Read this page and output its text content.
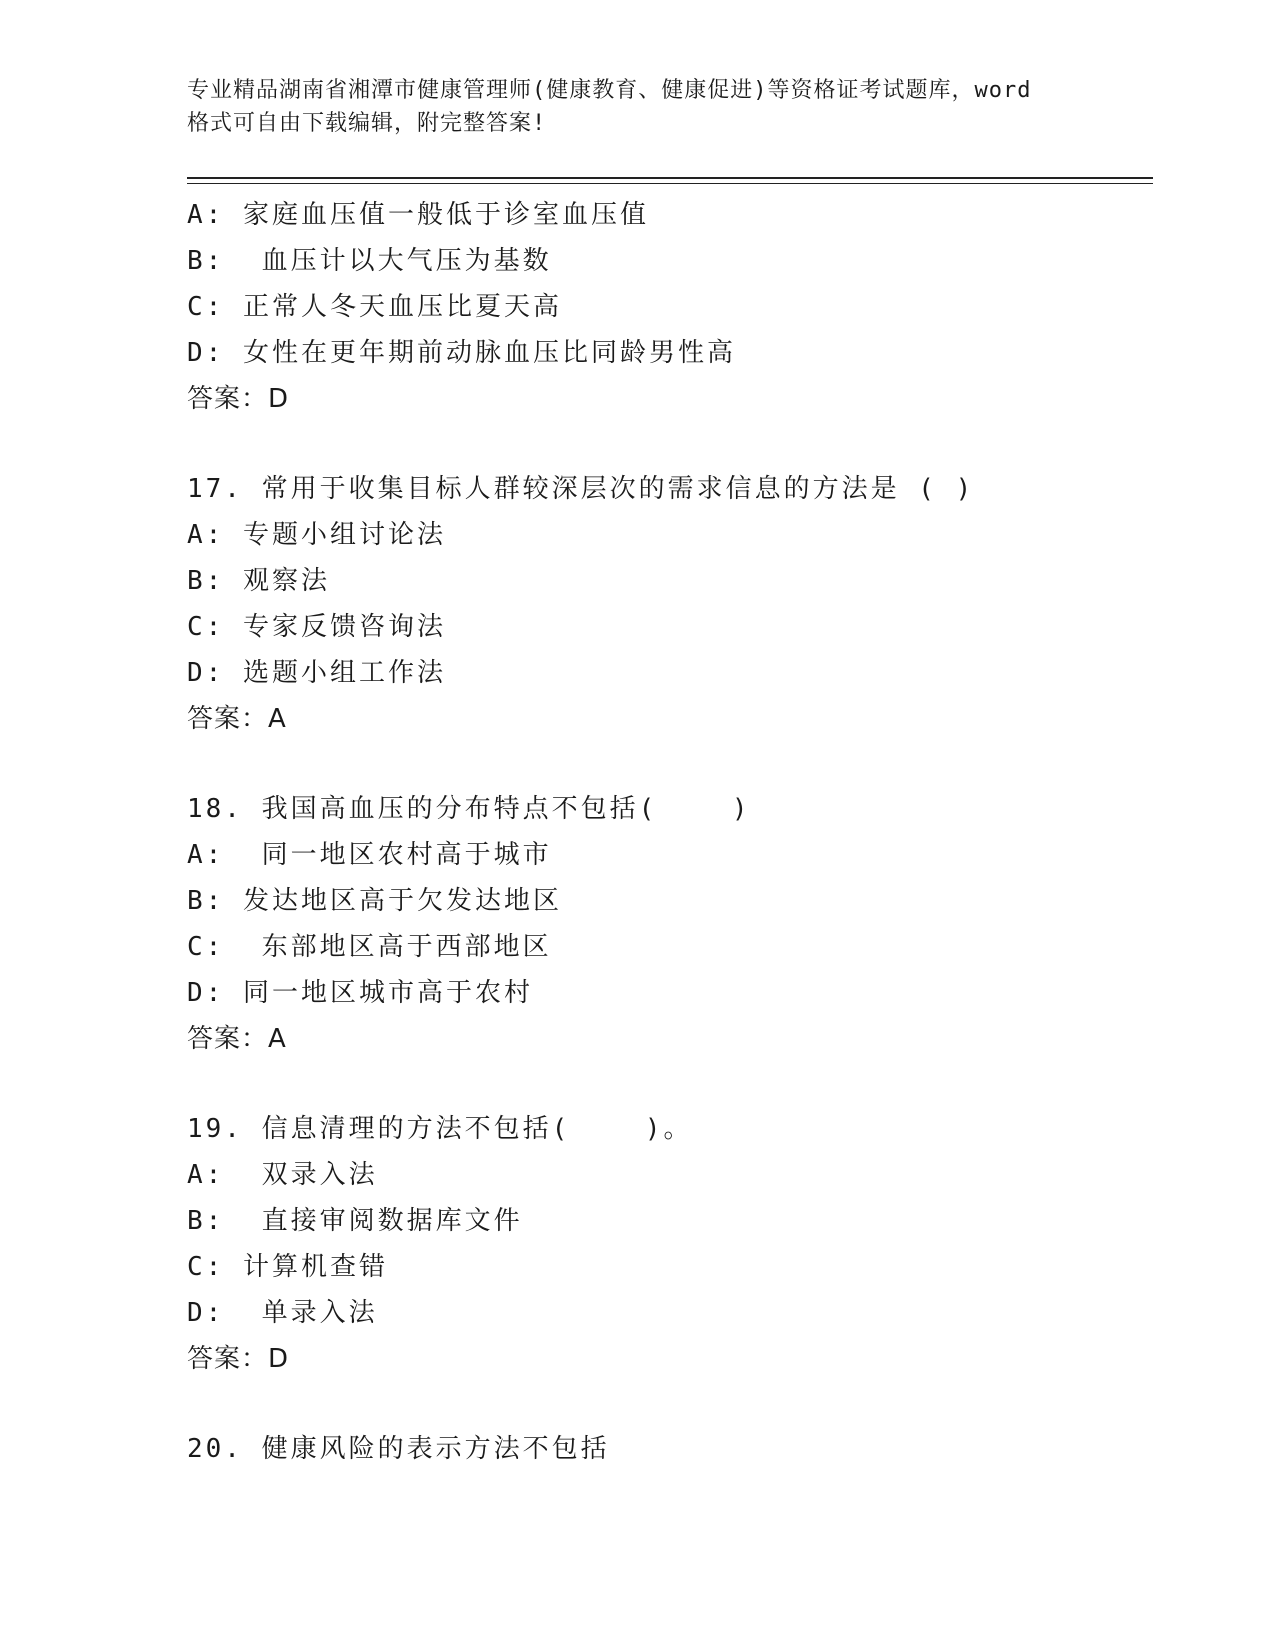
专业精品湖南省湘潭市健康管理师(健康教育、健康促进)等资格证考试题库，word
格式可自由下载编辑，附完整答案!
A: 家庭血压值一般低于诊室血压值
B:  血压计以大气压为基数
C: 正常人冬天血压比夏天高
D: 女性在更年期前动脉血压比同龄男性高
答案：D
17. 常用于收集目标人群较深层次的需求信息的方法是 ( )
A: 专题小组讨论法
B: 观察法
C: 专家反馈咨询法
D: 选题小组工作法
答案：A
18. 我国高血压的分布特点不包括(    )
A:  同一地区农村高于城市
B: 发达地区高于欠发达地区
C:  东部地区高于西部地区
D: 同一地区城市高于农村
答案：A
19. 信息清理的方法不包括(    )。
A:  双录入法
B:  直接审阅数据库文件
C: 计算机查错
D:  单录入法
答案：D
20. 健康风险的表示方法不包括
